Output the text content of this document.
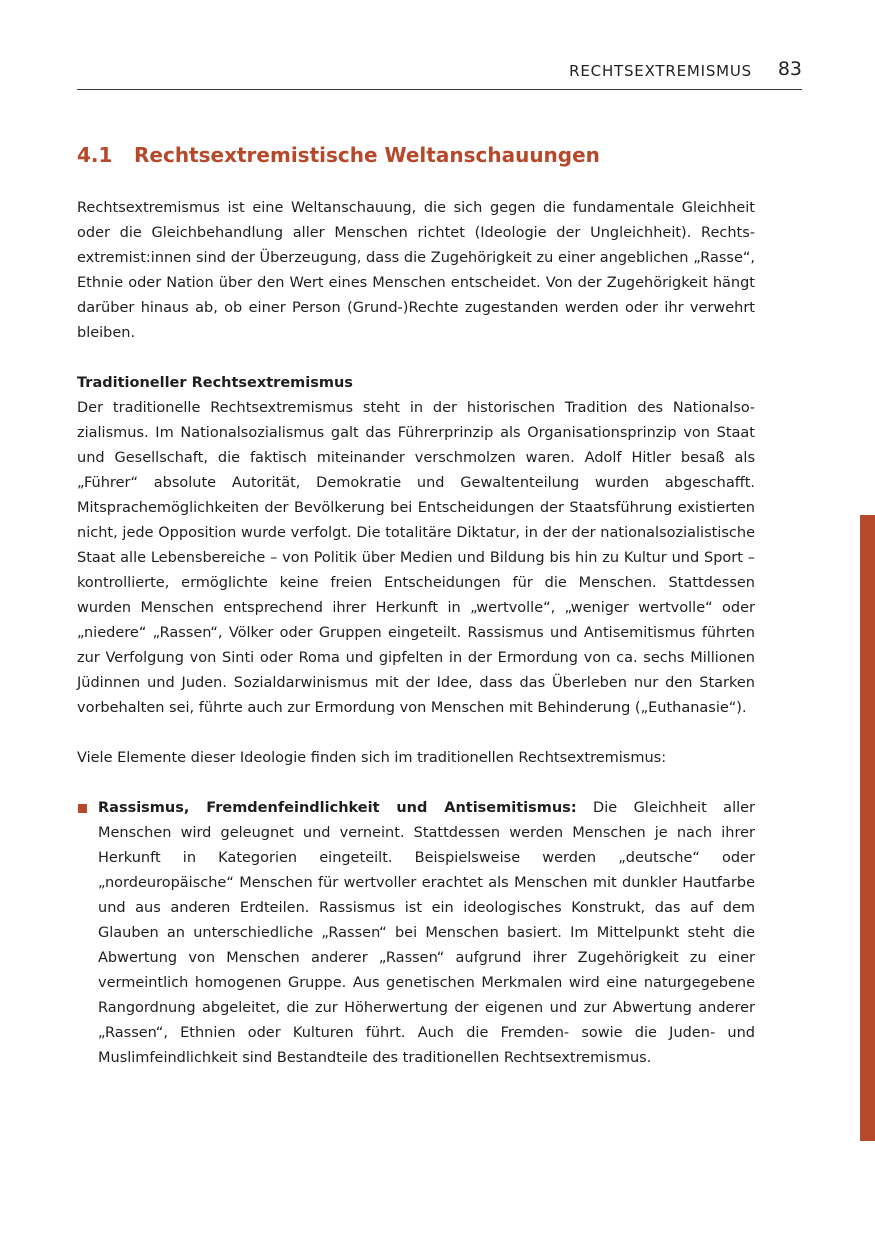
RECHTSEXTREMISMUS 83
4.1 Rechtsextremistische Weltanschauungen

Rechtsextremismus ist eine Weltanschauung, die sich gegen die fundamentale Gleichheit oder die Gleichbehandlung aller Menschen richtet (Ideologie der Ungleichheit). Rechtsextremist:innen sind der Überzeugung, dass die Zugehörigkeit zu einer angeblichen „Rasse“, Ethnie oder Nation über den Wert eines Menschen entscheidet. Von der Zugehörigkeit hängt darüber hinaus ab, ob einer Person (Grund-)Rechte zugestanden werden oder ihr verwehrt bleiben.

Traditioneller Rechtsextremismus

Der traditionelle Rechtsextremismus steht in der historischen Tradition des Nationalsozialismus. Im Nationalsozialismus galt das Führerprinzip als Organisationsprinzip von Staat und Gesellschaft, die faktisch miteinander verschmolzen waren. Adolf Hitler besaß als „Führer“ absolute Autorität, Demokratie und Gewaltenteilung wurden abgeschafft. Mitsprachemöglichkeiten der Bevölkerung bei Entscheidungen der Staatsführung existierten nicht, jede Opposition wurde verfolgt. Die totalitäre Diktatur, in der der nationalsozialistische Staat alle Lebensbereiche – von Politik über Medien und Bildung bis hin zu Kultur und Sport – kontrollierte, ermöglichte keine freien Entscheidungen für die Menschen. Stattdessen wurden Menschen entsprechend ihrer Herkunft in „wertvolle“, „weniger wertvolle“ oder „niedere“ „Rassen“, Völker oder Gruppen eingeteilt. Rassismus und Antisemitismus führten zur Verfolgung von Sinti oder Roma und gipfelten in der Ermordung von ca. sechs Millionen Jüdinnen und Juden. Sozialdarwinismus mit der Idee, dass das Überleben nur den Starken vorbehalten sei, führte auch zur Ermordung von Menschen mit Behinderung („Euthanasie“).

Viele Elemente dieser Ideologie finden sich im traditionellen Rechtsextremismus:

Rassismus, Fremdenfeindlichkeit und Antisemitismus: Die Gleichheit aller Menschen wird geleugnet und verneint. Stattdessen werden Menschen je nach ihrer Herkunft in Kategorien eingeteilt. Beispielsweise werden „deutsche“ oder „nordeuropäische“ Menschen für wertvoller erachtet als Menschen mit dunkler Hautfarbe und aus anderen Erdteilen. Rassismus ist ein ideologisches Konstrukt, das auf dem Glauben an unterschiedliche „Rassen“ bei Menschen basiert. Im Mittelpunkt steht die Abwertung von Menschen anderer „Rassen“ aufgrund ihrer Zugehörigkeit zu einer vermeintlich homogenen Gruppe. Aus genetischen Merkmalen wird eine naturgegebene Rangordnung abgeleitet, die zur Höherwertung der eigenen und zur Abwertung anderer „Rassen“, Ethnien oder Kulturen führt. Auch die Fremden- sowie die Juden- und Muslimfeindlichkeit sind Bestandteile des traditionellen Rechtsextremismus.
